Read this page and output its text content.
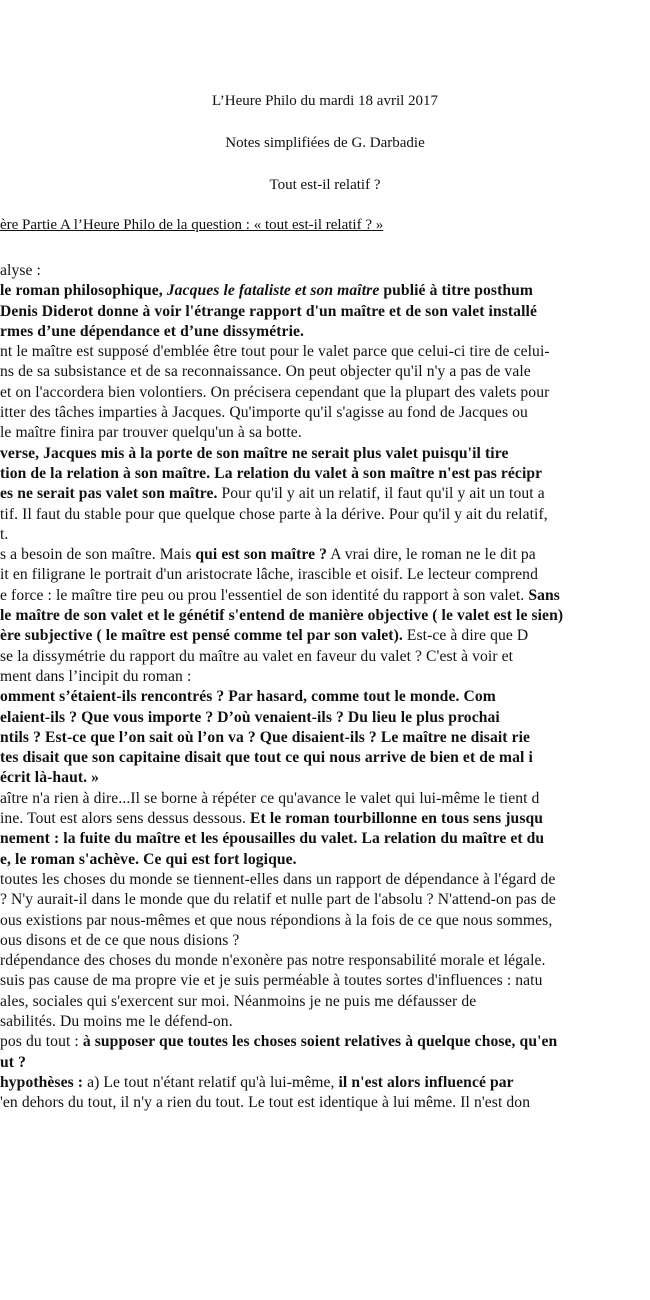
L’Heure Philo du mardi 18 avril 2017
Notes simplifiées de G. Darbadie
Tout est-il relatif ?
ère Partie A l’Heure Philo de la question : « tout est-il relatif ? »
alyse :
le roman philosophique, Jacques le fataliste et son maître publié à titre posthum
Denis Diderot donne à voir l'étrange rapport d'un maître et de son valet installé
rmes d’une dépendance et d’une dissymétrie.
nt le maître est supposé d'emblée être tout pour le valet parce que celui-ci tire de celui-
ns de sa subsistance et de sa reconnaissance. On peut objecter qu'il n'y a pas de vale
et on l'accordera bien volontiers. On précisera cependant que la plupart des valets pour
itter des tâches imparties à Jacques. Qu'importe qu'il s'agisse au fond de Jacques ou
le maître finira par trouver quelqu'un à sa botte.
verse, Jacques mis à la porte de son maître ne serait plus valet puisqu'il tire
tion de la relation à son maître. La relation du valet à son maître n'est pas récipr
es ne serait pas valet son maître. Pour qu'il y ait un relatif, il faut qu'il y ait un tout a
tif. Il faut du stable pour que quelque chose parte à la dérive. Pour qu'il y ait du relatif,
t.
s a besoin de son maître. Mais qui est son maître ? A vrai dire, le roman ne le dit pa
it en filigrane le portrait d'un aristocrate lâche, irascible et oisif. Le lecteur comprend
e force : le maître tire peu ou prou l'essentiel de son identité du rapport à son valet. Sans
le maître de son valet et le génétif s'entend de manière objective ( le valet est le sien)
ère subjective ( le maître est pensé comme tel par son valet). Est-ce à dire que D
se la dissymétrie du rapport du maître au valet en faveur du valet ? C'est à voir et
ment dans l’incipit du roman :
omment s’étaient-ils rencontrés ? Par hasard, comme tout le monde. Com
elaient-ils ? Que vous importe ? D’où venaient-ils ? Du lieu le plus prochai
ntils ? Est-ce que l’on sait où l’on va ? Que disaient-ils ? Le maître ne disait rie
tes disait que son capitaine disait que tout ce qui nous arrive de bien et de mal i
écrit là-haut. »
aître n'a rien à dire...Il se borne à répéter ce qu'avance le valet qui lui-même le tient d
ine. Tout est alors sens dessus dessous. Et le roman tourbillonne en tous sens jusqu
nement : la fuite du maître et les épousailles du valet. La relation du maître et du
e, le roman s'achève. Ce qui est fort logique.
toutes les choses du monde se tiennent-elles dans un rapport de dépendance à l'égard de
? N'y aurait-il dans le monde que du relatif et nulle part de l'absolu ? N'attend-on pas de
ous existions par nous-mêmes et que nous répondions à la fois de ce que nous sommes,
ous disons et de ce que nous disions ?
rdépendance des choses du monde n'exonère pas notre responsabilité morale et légale.
suis pas cause de ma propre vie et je suis perméable à toutes sortes d'influences : natu
ales, sociales qui s'exercent sur moi. Néanmoins je ne puis me défausser de
sabilités. Du moins me le défend-on.
pos du tout : à supposer que toutes les choses soient relatives à quelque chose, qu'en
ut ?
hypothèses : a) Le tout n'étant relatif qu'à lui-même, il n'est alors influencé par
'en dehors du tout, il n'y a rien du tout. Le tout est identique à lui même. Il n'est don
